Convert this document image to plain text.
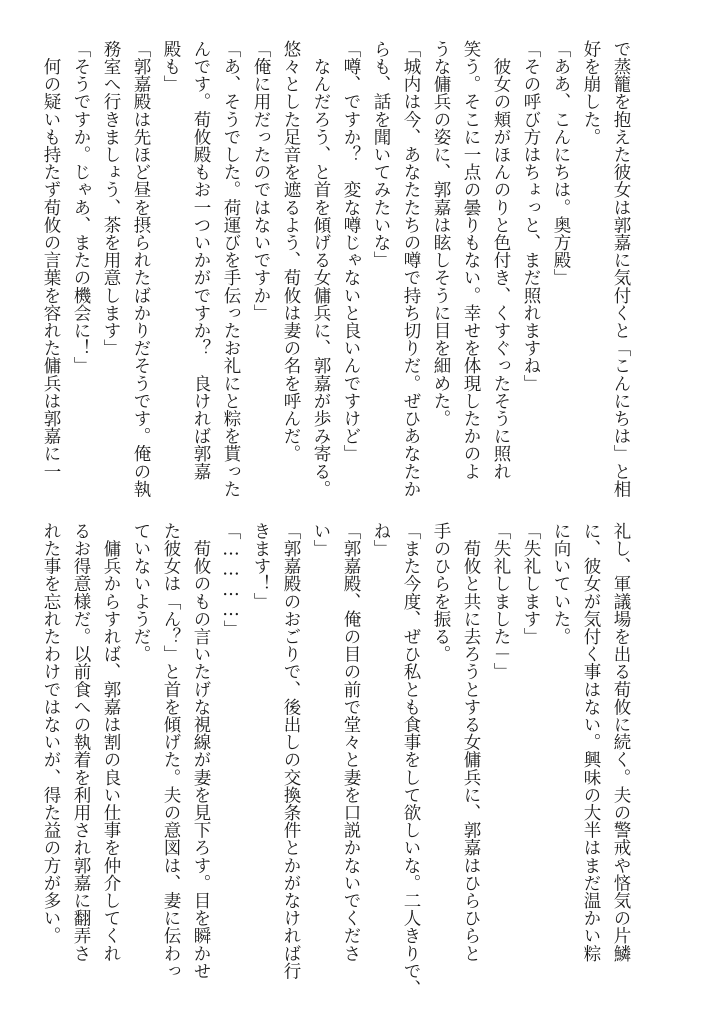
で蒸籠を抱えた彼女は郭嘉に気付くと「こんにちは」と相
好を崩した。
「ああ、こんにちは。奥方殿」
「その呼び方はちょっと、まだ照れますね」
　彼女の頬がほんのりと色付き、くすぐったそうに照れ
笑う。そこに一点の曇りもない。幸せを体現したかのよ
うな傭兵の姿に、郭嘉は眩しそうに目を細めた。
「城内は今、あなたたちの噂で持ち切りだ。ぜひあなたか
らも、話を聞いてみたいな」
「噂、ですか？　変な噂じゃないと良いんですけど」
　なんだろう、と首を傾げる女傭兵に、郭嘉が歩み寄る。
悠々とした足音を遮るよう、荀攸は妻の名を呼んだ。
「俺に用だったのではないですか」
「あ、そうでした。荷運びを手伝ったお礼にと粽を貰った
んです。荀攸殿もお一ついかがですか？　良ければ郭嘉
殿も」
「郭嘉殿は先ほど昼を摂られたばかりだそうです。俺の執
務室へ行きましょう、茶を用意します」
「そうですか。じゃあ、またの機会に！」
　何の疑いも持たず荀攸の言葉を容れた傭兵は郭嘉に一
礼し、軍議場を出る荀攸に続く。夫の警戒や悋気の片鱗
に、彼女が気付く事はない。興味の大半はまだ温かい粽
に向いていた。
「失礼します」
「失礼しました－」
　荀攸と共に去ろうとする女傭兵に、郭嘉はひらひらと
手のひらを振る。
「また今度、ぜひ私とも食事をして欲しいな。二人きりで、
ね」
「郭嘉殿、俺の目の前で堂々と妻を口説かないでくださ
い」
「郭嘉殿のおごりで、後出しの交換条件とかがなければ行
きます！」
「…………」
　荀攸のもの言いたげな視線が妻を見下ろす。目を瞬かせ
た彼女は「ん？」と首を傾げた。夫の意図は、妻に伝わっ
ていないようだ。
　傭兵からすれば、郭嘉は割の良い仕事を仲介してくれ
るお得意様だ。以前食への執着を利用され郭嘉に翻弄さ
れた事を忘れたわけではないが、得た益の方が多い。
